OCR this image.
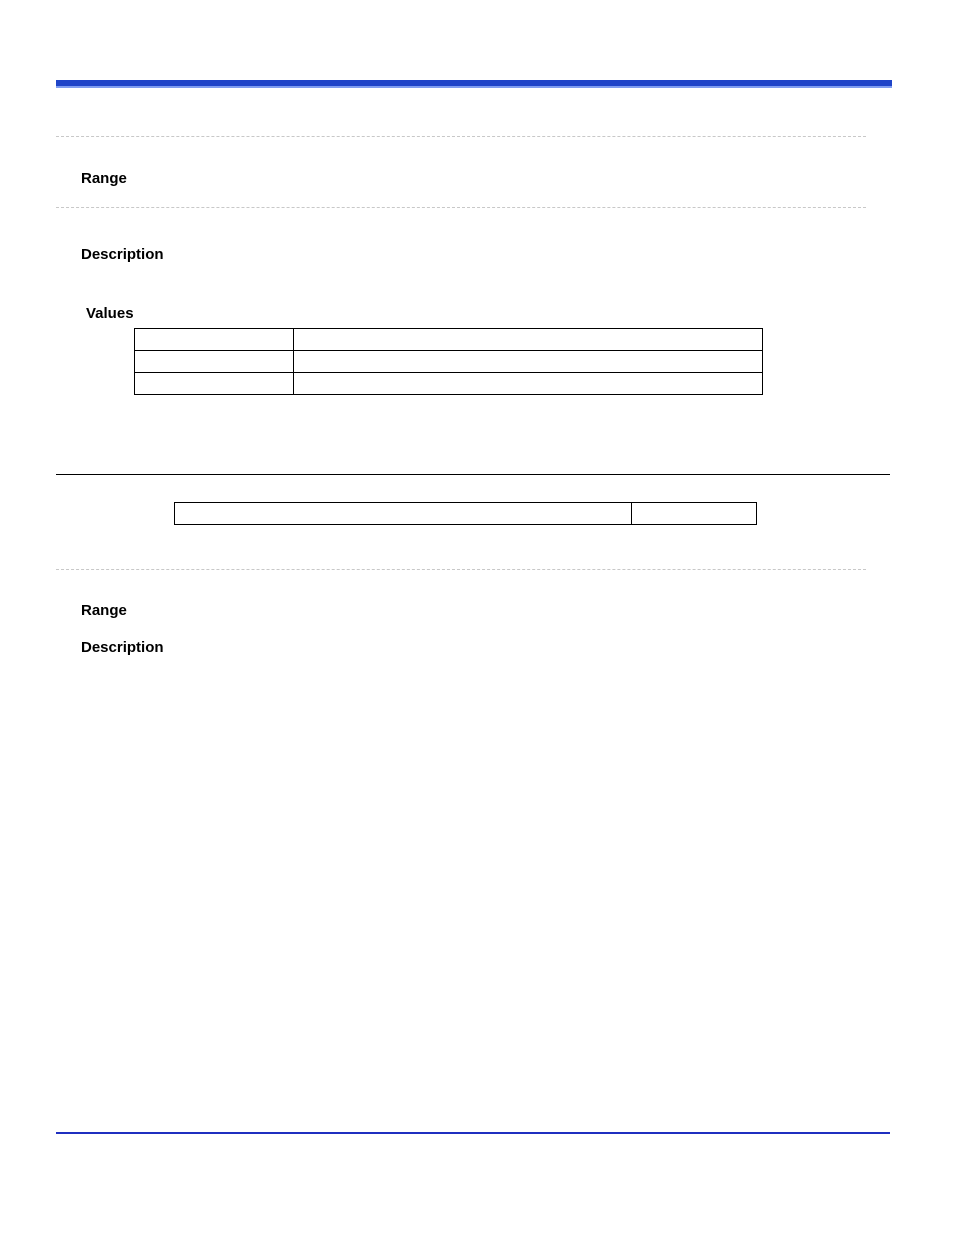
Range
Description
Values

Range
Description
